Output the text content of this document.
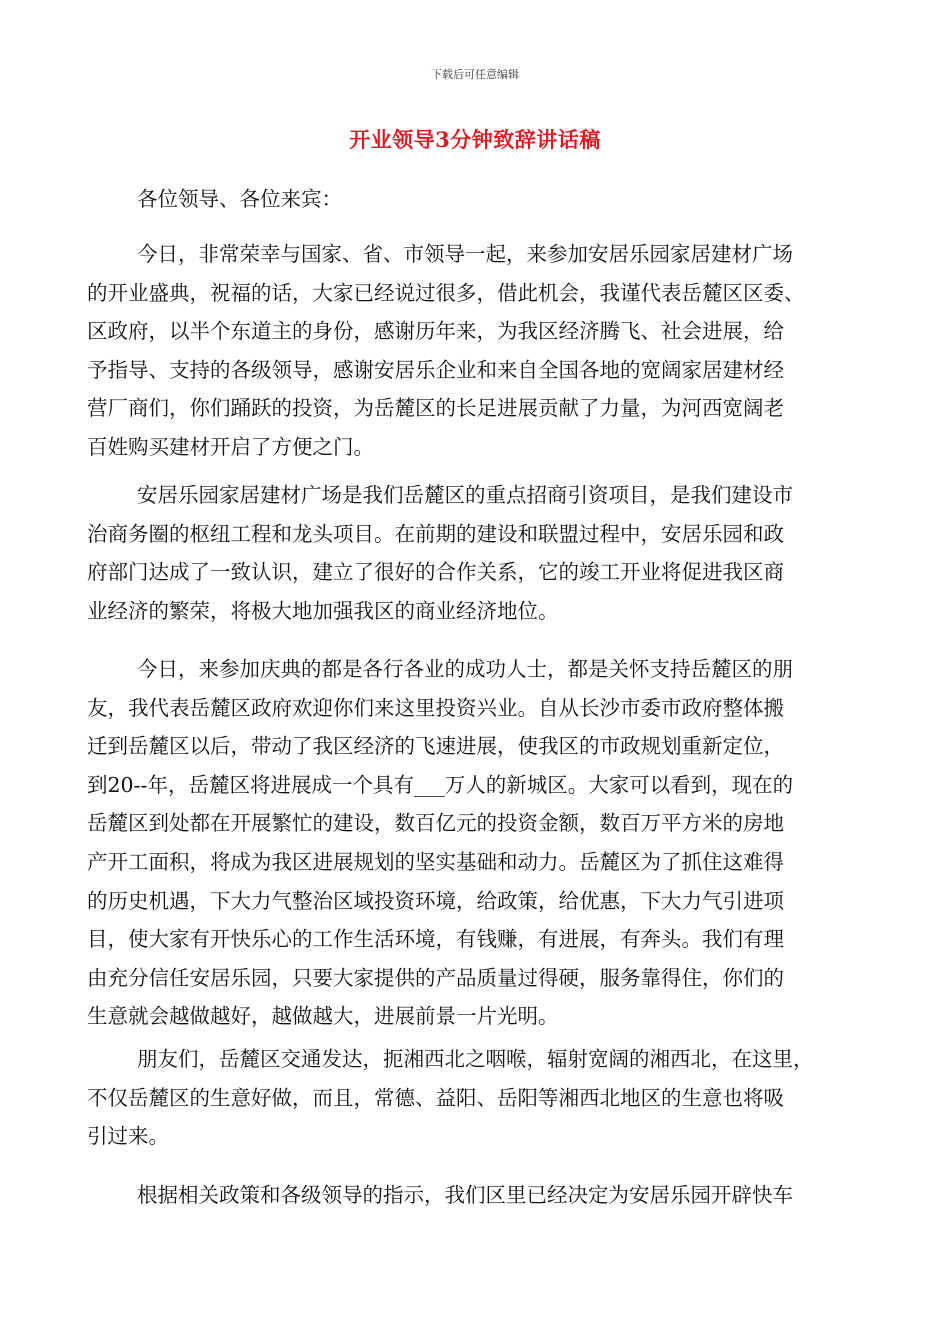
下载后可任意编辑
开业领导3分钟致辞讲话稿
各位领导、各位来宾：
今日，非常荣幸与国家、省、市领导一起，来参加安居乐园家居建材广场
的开业盛典，祝福的话，大家已经说过很多，借此机会，我谨代表岳麓区区委、
区政府，以半个东道主的身份，感谢历年来，为我区经济腾飞、社会进展，给
予指导、支持的各级领导，感谢安居乐企业和来自全国各地的宽阔家居建材经
营厂商们，你们踊跃的投资，为岳麓区的长足进展贡献了力量，为河西宽阔老
百姓购买建材开启了方便之门。
安居乐园家居建材广场是我们岳麓区的重点招商引资项目，是我们建设市
治商务圈的枢纽工程和龙头项目。在前期的建设和联盟过程中，安居乐园和政
府部门达成了一致认识，建立了很好的合作关系，它的竣工开业将促进我区商
业经济的繁荣，将极大地加强我区的商业经济地位。
今日，来参加庆典的都是各行各业的成功人士，都是关怀支持岳麓区的朋
友，我代表岳麓区政府欢迎你们来这里投资兴业。自从长沙市委市政府整体搬
迁到岳麓区以后，带动了我区经济的飞速进展，使我区的市政规划重新定位，
到20--年，岳麓区将进展成一个具有___万人的新城区。大家可以看到，现在的
岳麓区到处都在开展繁忙的建设，数百亿元的投资金额，数百万平方米的房地
产开工面积，将成为我区进展规划的坚实基础和动力。岳麓区为了抓住这难得
的历史机遇，下大力气整治区域投资环境，给政策，给优惠，下大力气引进项
目，使大家有开快乐心的工作生活环境，有钱赚，有进展，有奔头。我们有理
由充分信任安居乐园，只要大家提供的产品质量过得硬，服务靠得住，你们的
生意就会越做越好，越做越大，进展前景一片光明。
朋友们，岳麓区交通发达，扼湘西北之咽喉，辐射宽阔的湘西北，在这里，
不仅岳麓区的生意好做，而且，常德、益阳、岳阳等湘西北地区的生意也将吸
引过来。
根据相关政策和各级领导的指示，我们区里已经决定为安居乐园开辟快车
